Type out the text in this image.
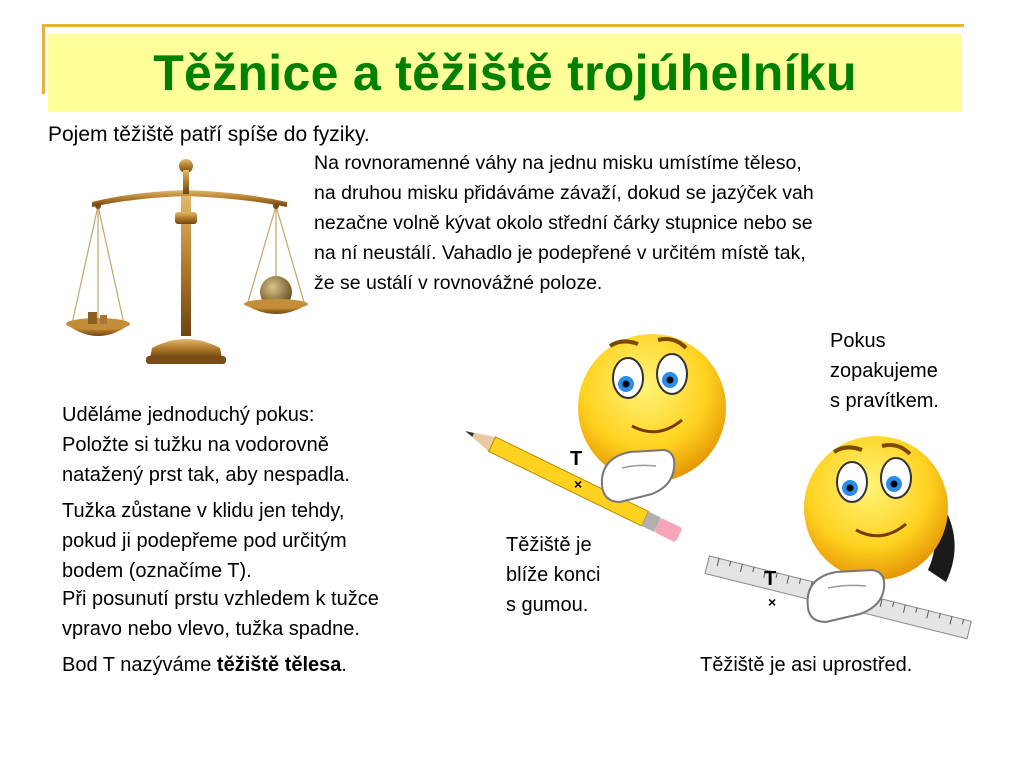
Těžnice a těžiště trojúhelníku
Pojem těžiště patří spíše do fyziky.
Na rovnoramenné váhy na jednu misku umístíme těleso,
na druhou misku přidáváme závaží, dokud se jazýček vah
nezačne volně kývat okolo střední čárky stupnice nebo se
na ní neustálí. Vahadlo je podepřené v určitém místě tak,
že se ustálí v rovnovážné poloze.
Uděláme jednoduchý pokus:
Položte si tužku na vodorovně
natažený prst tak, aby nespadla.
Tužka zůstane v klidu jen tehdy,
pokud ji podepřeme pod určitým
bodem (označíme T).
Při posunutí prstu vzhledem k tužce
vpravo nebo vlevo, tužka spadne.
Bod T nazýváme těžiště tělesa.
T
×
Těžiště je
blíže konci
s gumou.
Pokus
zopakujeme
s pravítkem.
T
×
Těžiště je asi uprostřed.
